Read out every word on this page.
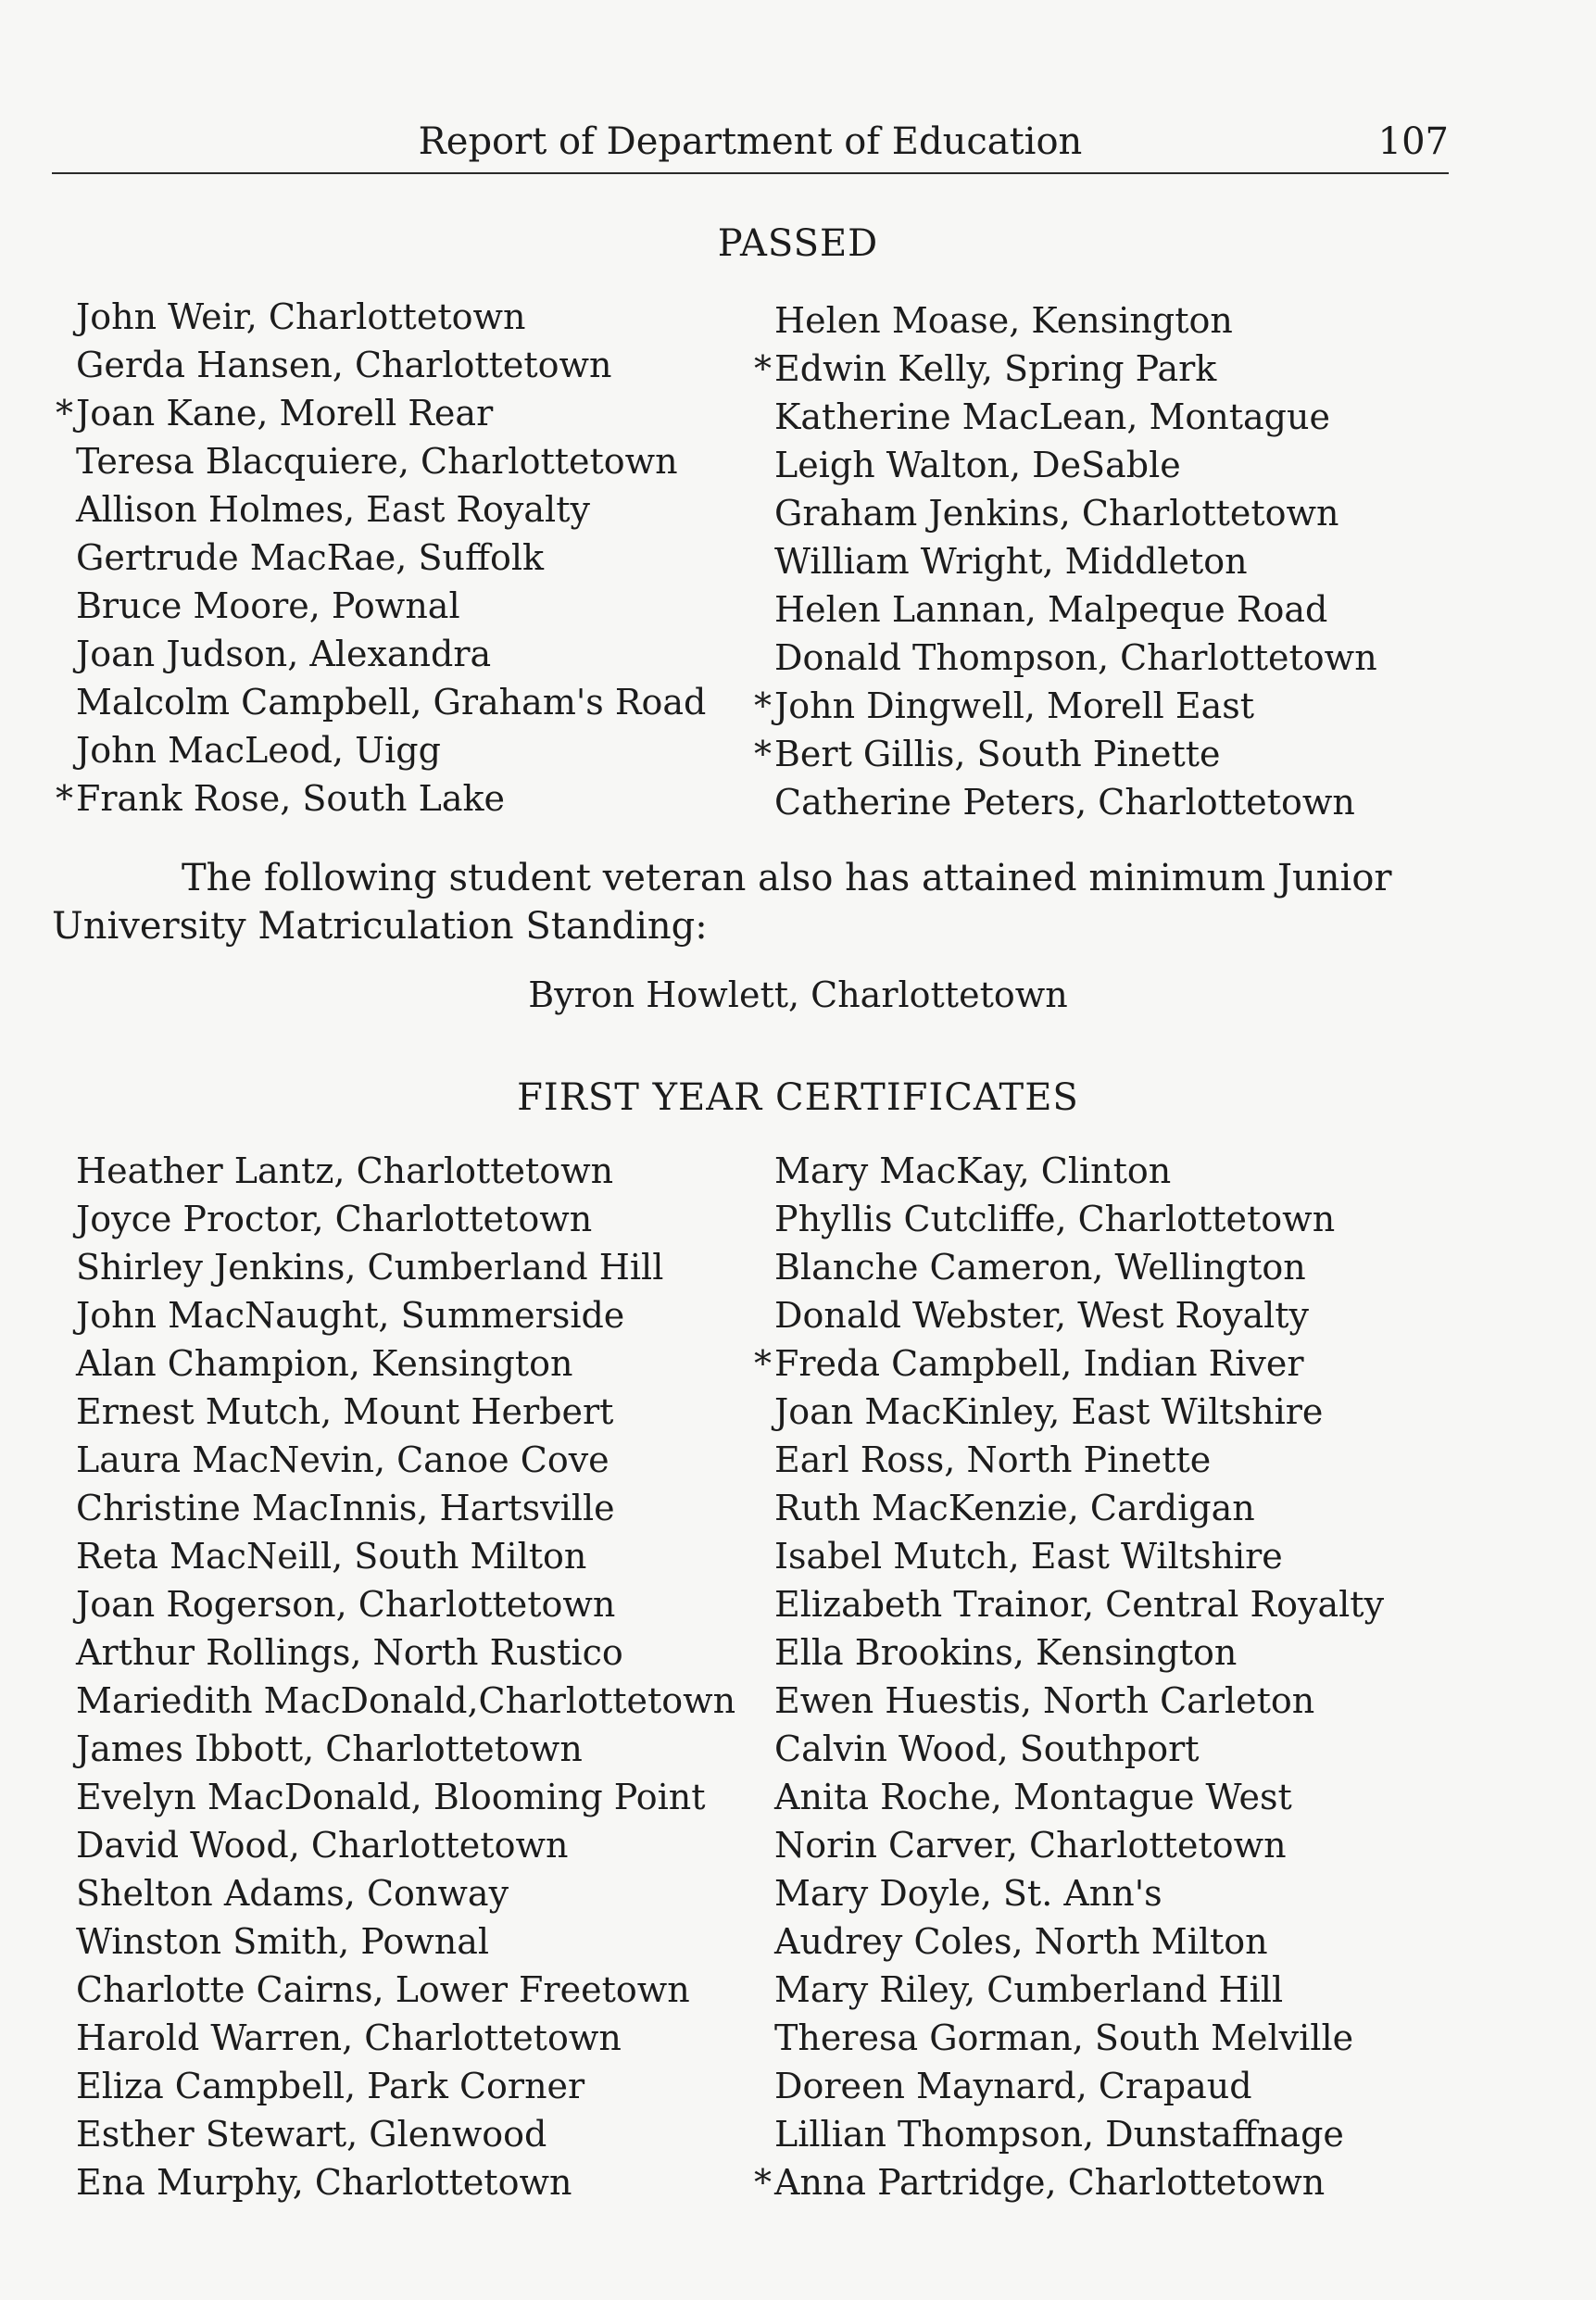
Report of Department of Education	107
PASSED
John Weir, Charlottetown
Gerda Hansen, Charlottetown
* Joan Kane, Morell Rear
Teresa Blacquiere, Charlottetown
Allison Holmes, East Royalty
Gertrude MacRae, Suffolk
Bruce Moore, Pownal
Joan Judson, Alexandra
Malcolm Campbell, Graham's Road
John MacLeod, Uigg
* Frank Rose, South Lake
Helen Moase, Kensington
* Edwin Kelly, Spring Park
Katherine MacLean, Montague
Leigh Walton, DeSable
Graham Jenkins, Charlottetown
William Wright, Middleton
Helen Lannan, Malpeque Road
Donald Thompson, Charlottetown
* John Dingwell, Morell East
* Bert Gillis, South Pinette
Catherine Peters, Charlottetown
The following student veteran also has attained minimum Junior
University Matriculation Standing:
Byron Howlett, Charlottetown
FIRST YEAR CERTIFICATES
Heather Lantz, Charlottetown
Joyce Proctor, Charlottetown
Shirley Jenkins, Cumberland Hill
John MacNaught, Summerside
Alan Champion, Kensington
Ernest Mutch, Mount Herbert
Laura MacNevin, Canoe Cove
Christine MacInnis, Hartsville
Reta MacNeill, South Milton
Joan Rogerson, Charlottetown
Arthur Rollings, North Rustico
Mariedith MacDonald,Charlottetown
James Ibbott, Charlottetown
Evelyn MacDonald, Blooming Point
David Wood, Charlottetown
Shelton Adams, Conway
Winston Smith, Pownal
Charlotte Cairns, Lower Freetown
Harold Warren, Charlottetown
Eliza Campbell, Park Corner
Esther Stewart, Glenwood
Ena Murphy, Charlottetown
Mary MacKay, Clinton
Phyllis Cutcliffe, Charlottetown
Blanche Cameron, Wellington
Donald Webster, West Royalty
* Freda Campbell, Indian River
Joan MacKinley, East Wiltshire
Earl Ross, North Pinette
Ruth MacKenzie, Cardigan
Isabel Mutch, East Wiltshire
Elizabeth Trainor, Central Royalty
Ella Brookins, Kensington
Ewen Huestis, North Carleton
Calvin Wood, Southport
Anita Roche, Montague West
Norin Carver, Charlottetown
Mary Doyle, St. Ann's
Audrey Coles, North Milton
Mary Riley, Cumberland Hill
Theresa Gorman, South Melville
Doreen Maynard, Crapaud
Lillian Thompson, Dunstaffnage
* Anna Partridge, Charlottetown
